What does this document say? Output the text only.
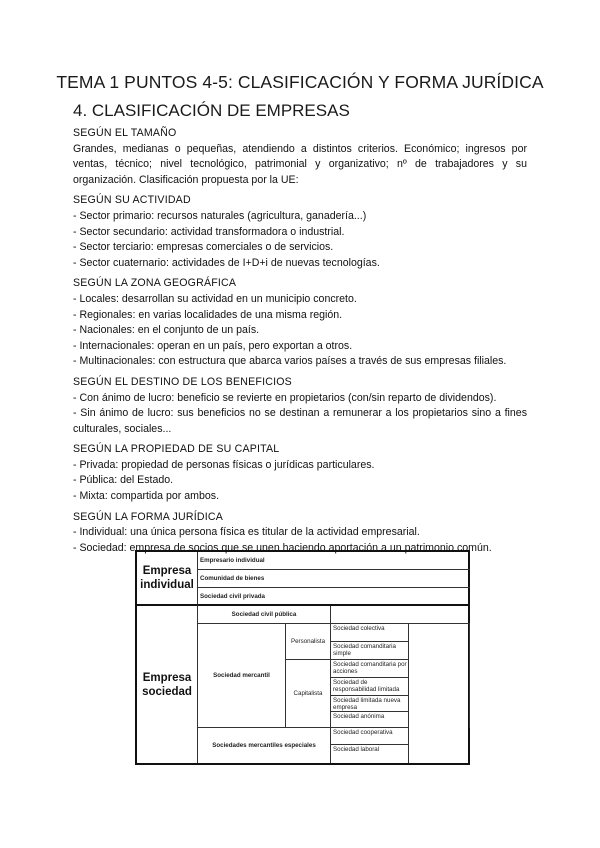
TEMA 1 PUNTOS 4-5: CLASIFICACIÓN Y FORMA JURÍDICA
4. CLASIFICACIÓN DE EMPRESAS
SEGÚN EL TAMAÑO
Grandes, medianas o pequeñas, atendiendo a distintos criterios. Económico; ingresos por ventas, técnico; nivel tecnológico, patrimonial y organizativo; nº de trabajadores y su organización. Clasificación propuesta por la UE:
SEGÚN SU ACTIVIDAD
- Sector primario: recursos naturales (agricultura, ganadería...)
- Sector secundario: actividad transformadora o industrial.
- Sector terciario: empresas comerciales o de servicios.
- Sector cuaternario: actividades de I+D+i de nuevas tecnologías.
SEGÚN LA ZONA GEOGRÁFICA
- Locales: desarrollan su actividad en un municipio concreto.
- Regionales: en varias localidades de una misma región.
- Nacionales: en el conjunto de un país.
- Internacionales: operan en un país, pero exportan a otros.
- Multinacionales: con estructura que abarca varios países a través de sus empresas filiales.
SEGÚN EL DESTINO DE LOS BENEFICIOS
- Con ánimo de lucro: beneficio se revierte en propietarios (con/sin reparto de dividendos).
- Sin ánimo de lucro: sus beneficios no se destinan a remunerar a los propietarios sino a fines culturales, sociales...
SEGÚN LA PROPIEDAD DE SU CAPITAL
- Privada: propiedad de personas físicas o jurídicas particulares.
- Pública: del Estado.
- Mixta: compartida por ambos.
SEGÚN LA FORMA JURÍDICA
- Individual: una única persona física es titular de la actividad empresarial.
- Sociedad: empresa de socios que se unen haciendo aportación a un patrimonio común.
Empresa individual
Empresario individual
Comunidad de bienes
Sociedad civil privada
Empresa sociedad
Sociedad civil pública
Sociedad mercantil
Personalista
Capitalista
Sociedad colectiva
Sociedad comanditaria simple
Sociedad comanditaria por acciones
Sociedad de responsabilidad limitada
Sociedad limitada nueva empresa
Sociedad anónima
Sociedades mercantiles especiales
Sociedad cooperativa
Sociedad laboral
